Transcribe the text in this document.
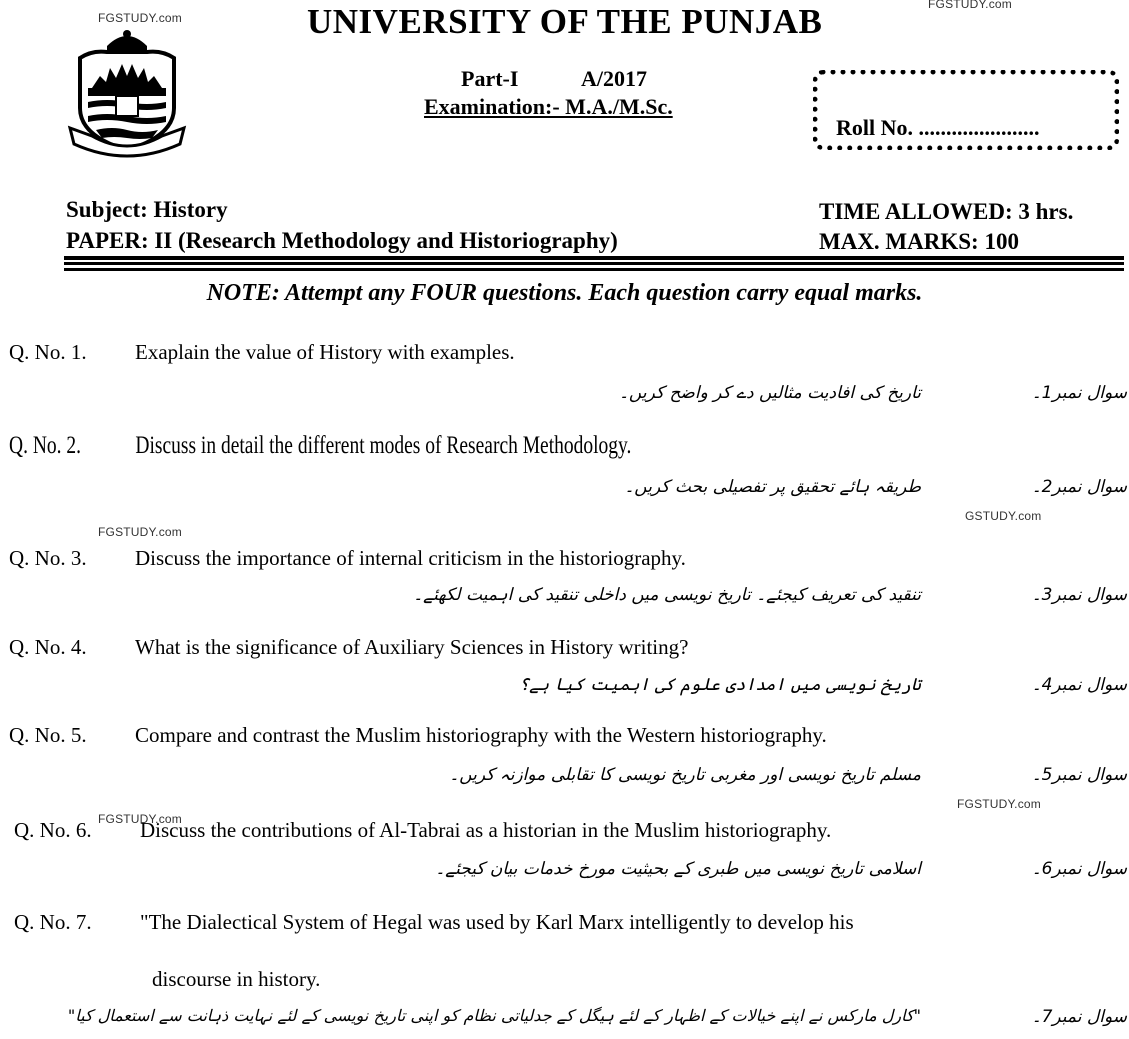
FGSTUDY.com
FGSTUDY.com
FGSTUDY.com
GSTUDY.com
FGSTUDY.com
FGSTUDY.com
UNIVERSITY OF THE PUNJAB
Part-I	A/2017
Examination:- M.A./M.Sc.
Roll No. ......................
Subject: History
PAPER: II (Research Methodology and Historiography)
TIME ALLOWED: 3 hrs.
MAX. MARKS: 100
NOTE: Attempt any FOUR questions. Each question carry equal marks.
Q. No. 1. Exaplain the value of History with examples.
تاریخ کی افادیت مثالیں دے کر واضح کریں۔	سوال نمبر1۔
Q. No. 2. Discuss in detail the different modes of Research Methodology.
طریقہ ہائے تحقیق پر تفصیلی بحث کریں۔	سوال نمبر2۔
Q. No. 3. Discuss the importance of internal criticism in the historiography.
تنقید کی تعریف کیجئے۔ تاریخ نویسی میں داخلی تنقید کی اہمیت لکھئے۔	سوال نمبر3۔
Q. No. 4. What is the significance of Auxiliary Sciences in History writing?
تاریخ نویسی میں امدادی علوم کی اہمیت کیا ہے؟	سوال نمبر4۔
Q. No. 5. Compare and contrast the Muslim historiography with the Western historiography.
مسلم تاریخ نویسی اور مغربی تاریخ نویسی کا تقابلی موازنہ کریں۔	سوال نمبر5۔
Q. No. 6. Discuss the contributions of Al-Tabrai as a historian in the Muslim historiography.
اسلامی تاریخ نویسی میں طبری کے بحیثیت مورخ خدمات بیان کیجئے۔	سوال نمبر6۔
Q. No. 7. "The Dialectical System of Hegal was used by Karl Marx intelligently to develop his
discourse in history.
"کارل مارکس نے اپنے خیالات کے اظہار کے لئے ہیگل کے جدلیاتی نظام کو اپنی تاریخ نویسی کے لئے نہایت ذہانت سے استعمال کیا"	سوال نمبر7۔
